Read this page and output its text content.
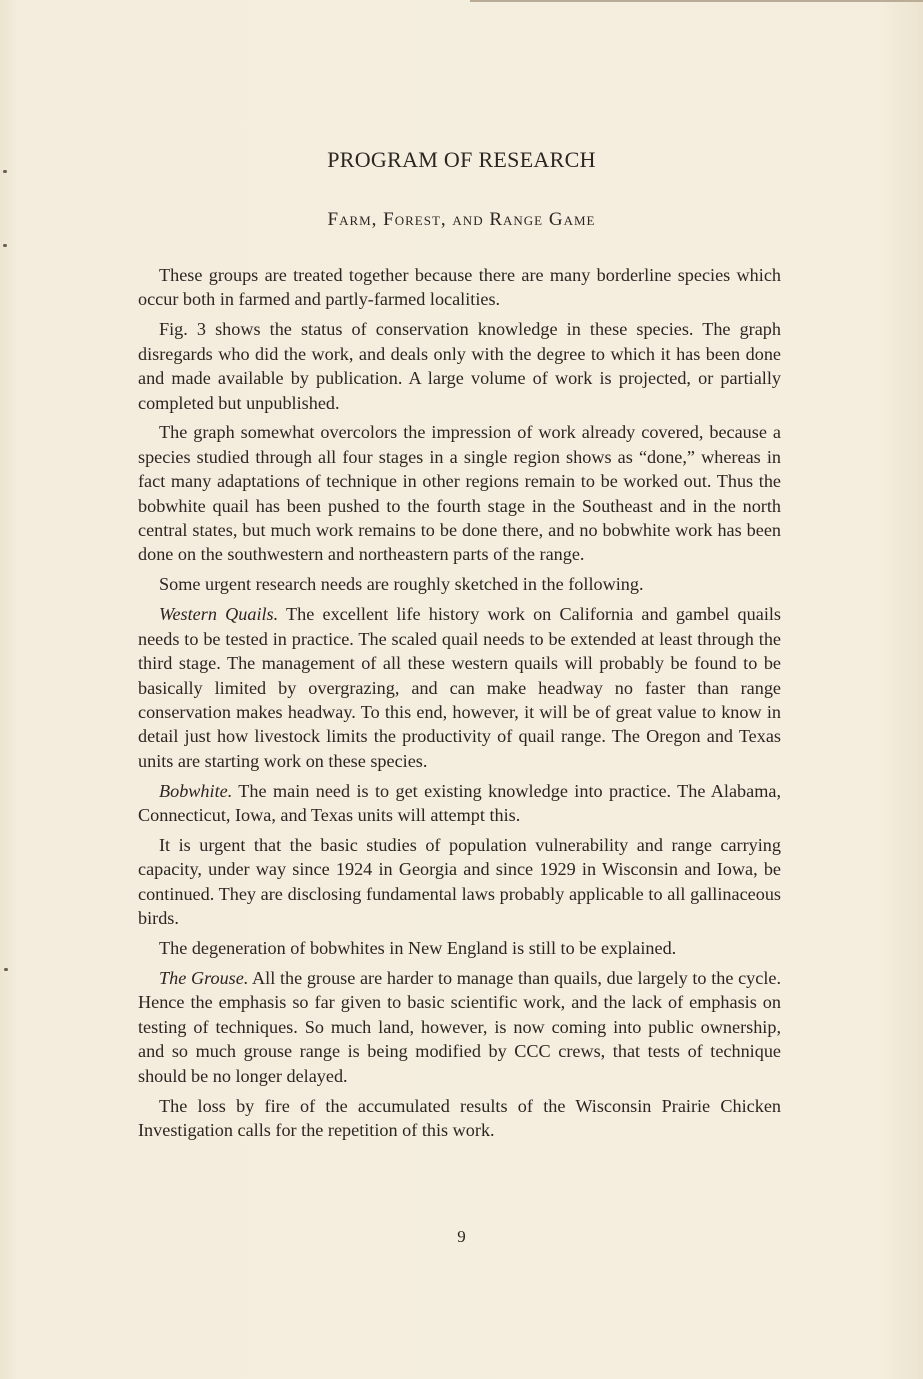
PROGRAM OF RESEARCH
Farm, Forest, and Range Game

These groups are treated together because there are many borderline species which occur both in farmed and partly-farmed localities.

Fig. 3 shows the status of conservation knowledge in these species. The graph disregards who did the work, and deals only with the degree to which it has been done and made available by publication. A large volume of work is projected, or partially completed but unpublished.

The graph somewhat overcolors the impression of work already covered, because a species studied through all four stages in a single region shows as “done,” whereas in fact many adaptations of technique in other regions remain to be worked out. Thus the bobwhite quail has been pushed to the fourth stage in the Southeast and in the north central states, but much work remains to be done there, and no bobwhite work has been done on the southwestern and northeastern parts of the range.

Some urgent research needs are roughly sketched in the following.

Western Quails. The excellent life history work on California and gambel quails needs to be tested in practice. The scaled quail needs to be extended at least through the third stage. The management of all these western quails will probably be found to be basically limited by overgrazing, and can make headway no faster than range conservation makes headway. To this end, however, it will be of great value to know in detail just how livestock limits the productivity of quail range. The Oregon and Texas units are starting work on these species.

Bobwhite. The main need is to get existing knowledge into practice. The Alabama, Connecticut, Iowa, and Texas units will attempt this.

It is urgent that the basic studies of population vulnerability and range carrying capacity, under way since 1924 in Georgia and since 1929 in Wisconsin and Iowa, be continued. They are disclosing fundamental laws probably applicable to all gallinaceous birds.

The degeneration of bobwhites in New England is still to be explained.

The Grouse. All the grouse are harder to manage than quails, due largely to the cycle. Hence the emphasis so far given to basic scientific work, and the lack of emphasis on testing of techniques. So much land, however, is now coming into public ownership, and so much grouse range is being modified by CCC crews, that tests of technique should be no longer delayed.

The loss by fire of the accumulated results of the Wisconsin Prairie Chicken Investigation calls for the repetition of this work.

9
